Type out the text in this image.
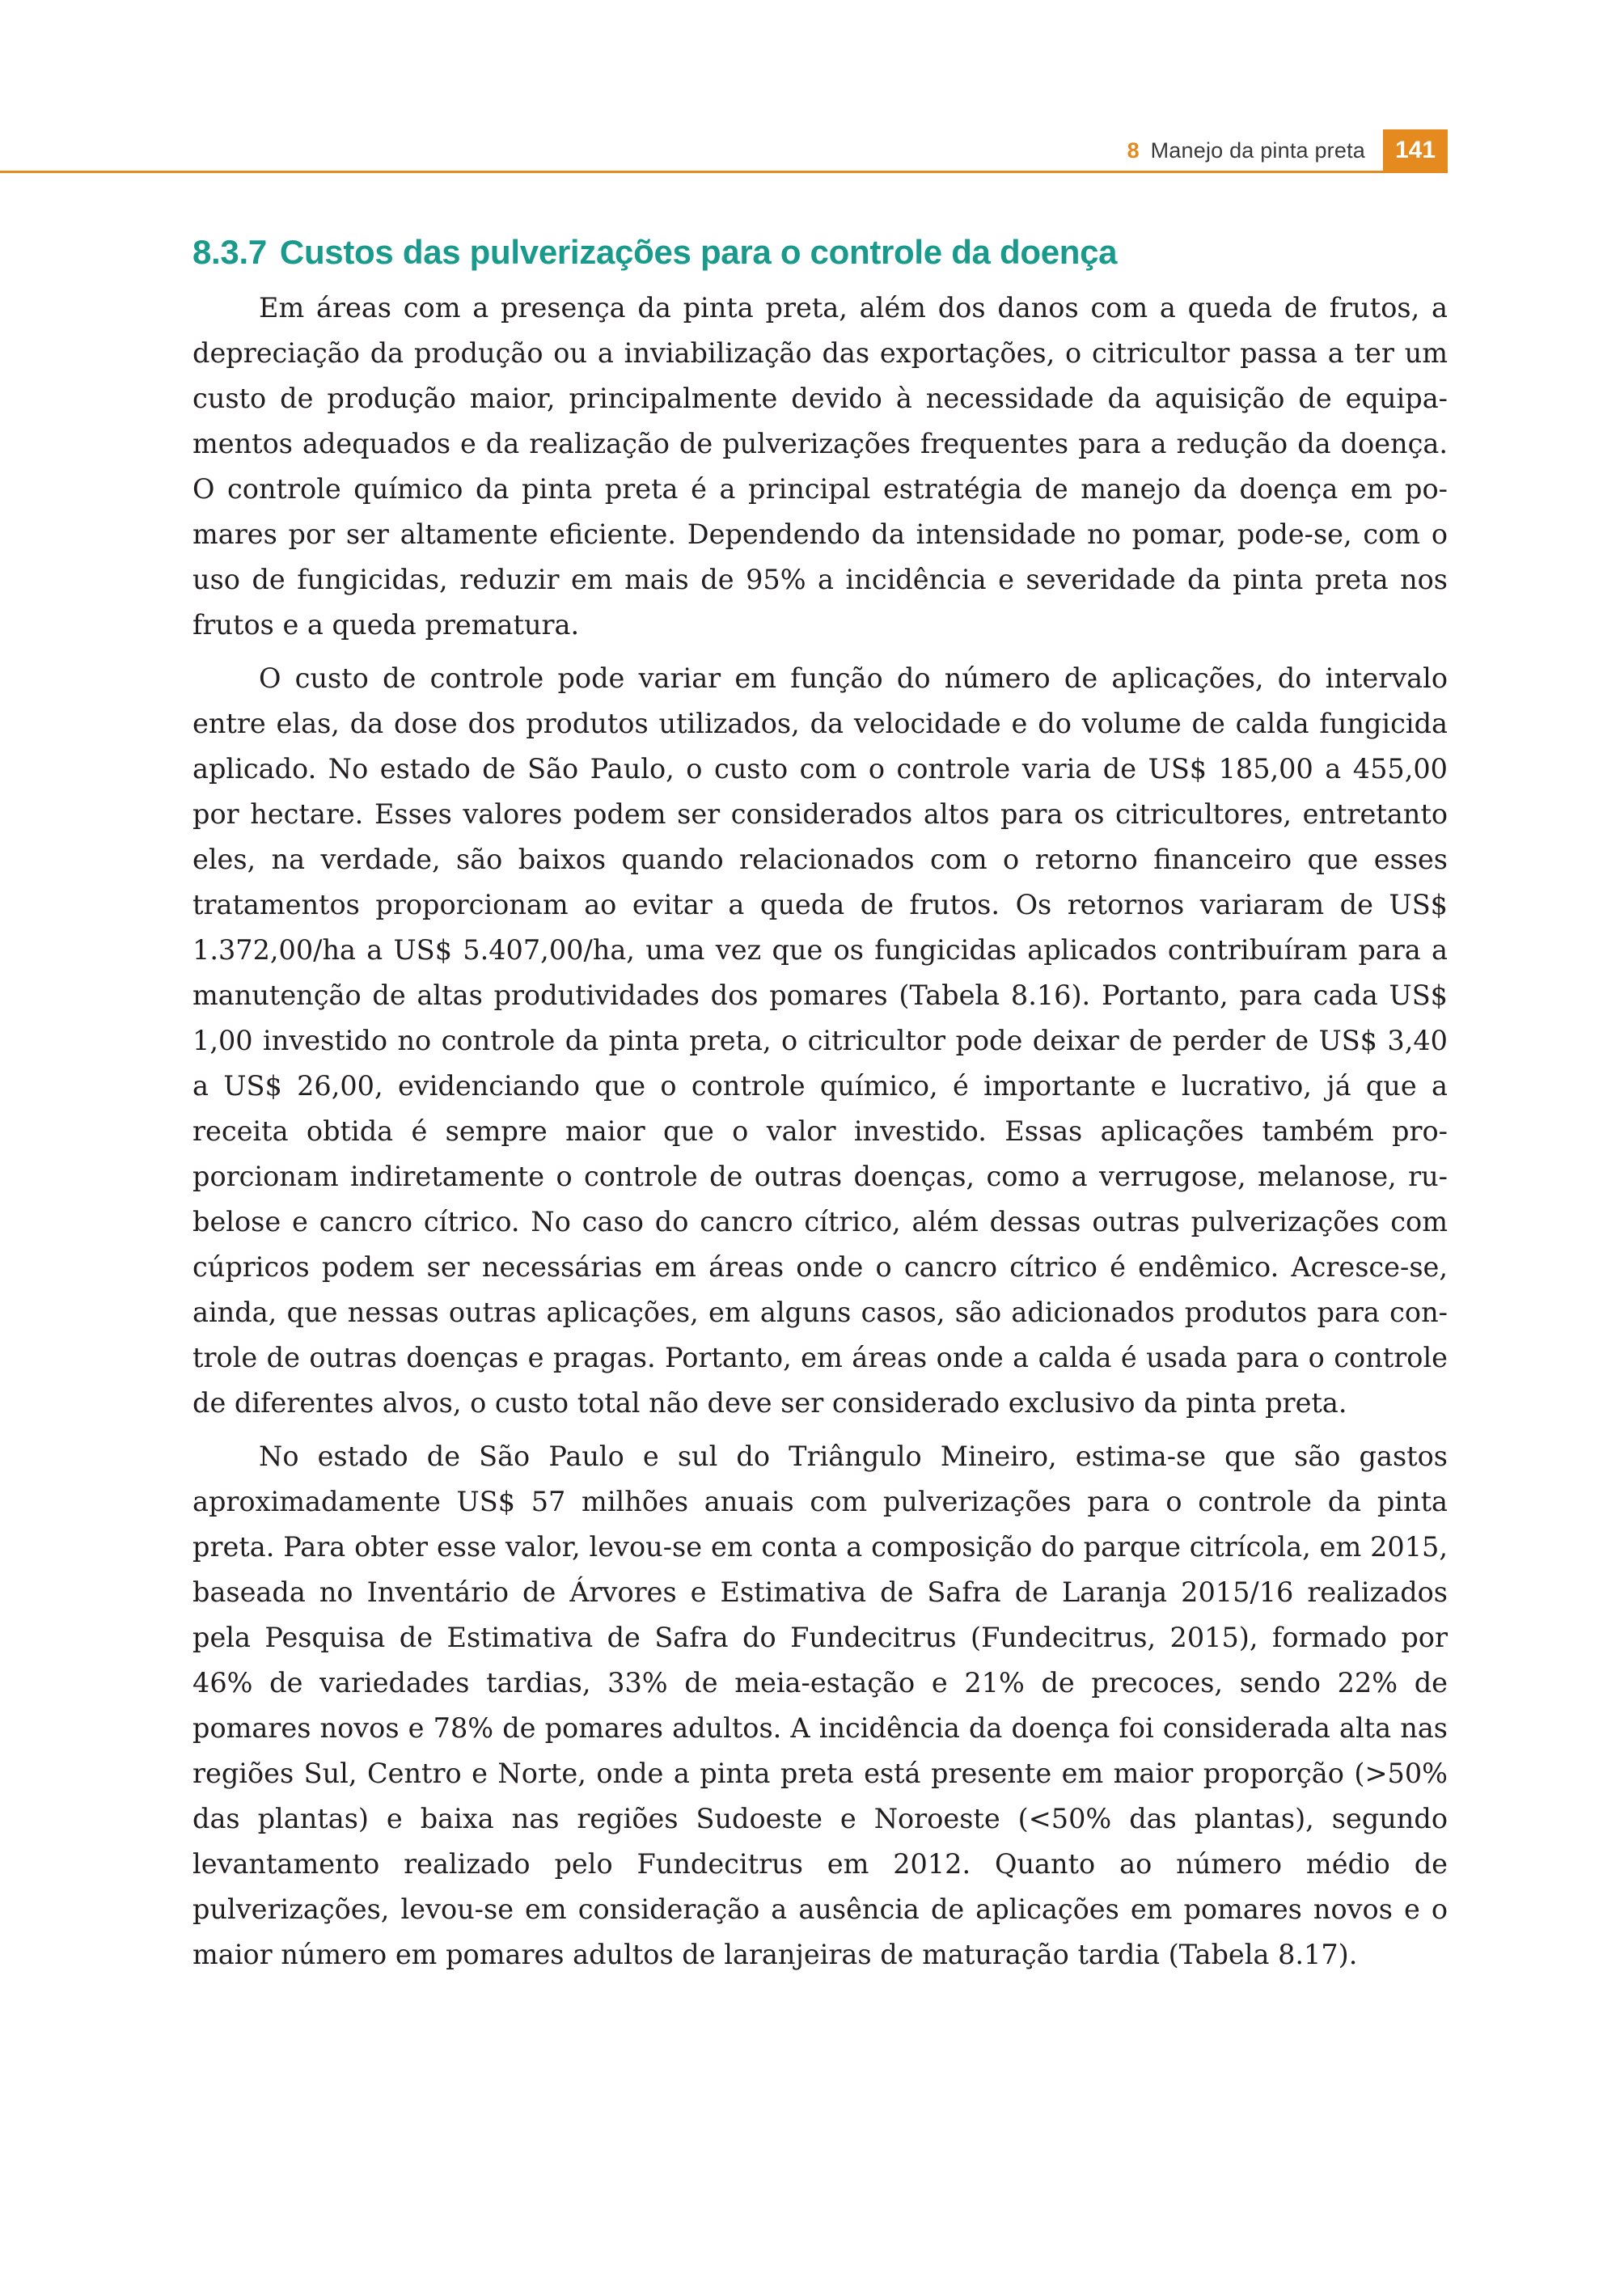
8 Manejo da pinta preta	141
8.3.7 Custos das pulverizações para o controle da doença

Em áreas com a presença da pinta preta, além dos danos com a queda de frutos, a depreciação da produção ou a inviabilização das exportações, o citricultor passa a ter um custo de produção maior, principalmente devido à necessidade da aquisição de equipamentos adequados e da realização de pulverizações frequentes para a redução da doença. O controle químico da pinta preta é a principal estratégia de manejo da doença em pomares por ser altamente eficiente. Dependendo da intensidade no pomar, pode-se, com o uso de fungicidas, reduzir em mais de 95% a incidência e severidade da pinta preta nos frutos e a queda prematura.

O custo de controle pode variar em função do número de aplicações, do intervalo entre elas, da dose dos produtos utilizados, da velocidade e do volume de calda fungicida aplicado. No estado de São Paulo, o custo com o controle varia de US$ 185,00 a 455,00 por hectare. Esses valores podem ser considerados altos para os citricultores, entretanto eles, na verdade, são baixos quando relacionados com o retorno financeiro que esses tratamentos proporcionam ao evitar a queda de frutos. Os retornos variaram de US$ 1.372,00/ha a US$ 5.407,00/ha, uma vez que os fungicidas aplicados contribuíram para a manutenção de altas produtividades dos pomares (Tabela 8.16). Portanto, para cada US$ 1,00 investido no controle da pinta preta, o citricultor pode deixar de perder de US$ 3,40 a US$ 26,00, evidenciando que o controle químico, é importante e lucrativo, já que a receita obtida é sempre maior que o valor investido. Essas aplicações também proporcionam indiretamente o controle de outras doenças, como a verrugose, melanose, rubelose e cancro cítrico. No caso do cancro cítrico, além dessas outras pulverizações com cúpricos podem ser necessárias em áreas onde o cancro cítrico é endêmico. Acresce-se, ainda, que nessas outras aplicações, em alguns casos, são adicionados produtos para controle de outras doenças e pragas. Portanto, em áreas onde a calda é usada para o controle de diferentes alvos, o custo total não deve ser considerado exclusivo da pinta preta.

No estado de São Paulo e sul do Triângulo Mineiro, estima-se que são gastos aproximadamente US$ 57 milhões anuais com pulverizações para o controle da pinta preta. Para obter esse valor, levou-se em conta a composição do parque citrícola, em 2015, baseada no Inventário de Árvores e Estimativa de Safra de Laranja 2015/16 realizados pela Pesquisa de Estimativa de Safra do Fundecitrus (Fundecitrus, 2015), formado por 46% de variedades tardias, 33% de meia-estação e 21% de precoces, sendo 22% de pomares novos e 78% de pomares adultos. A incidência da doença foi considerada alta nas regiões Sul, Centro e Norte, onde a pinta preta está presente em maior proporção (>50% das plantas) e baixa nas regiões Sudoeste e Noroeste (<50% das plantas), segundo levantamento realizado pelo Fundecitrus em 2012. Quanto ao número médio de pulverizações, levou-se em consideração a ausência de aplicações em pomares novos e o maior número em pomares adultos de laranjeiras de maturação tardia (Tabela 8.17).
